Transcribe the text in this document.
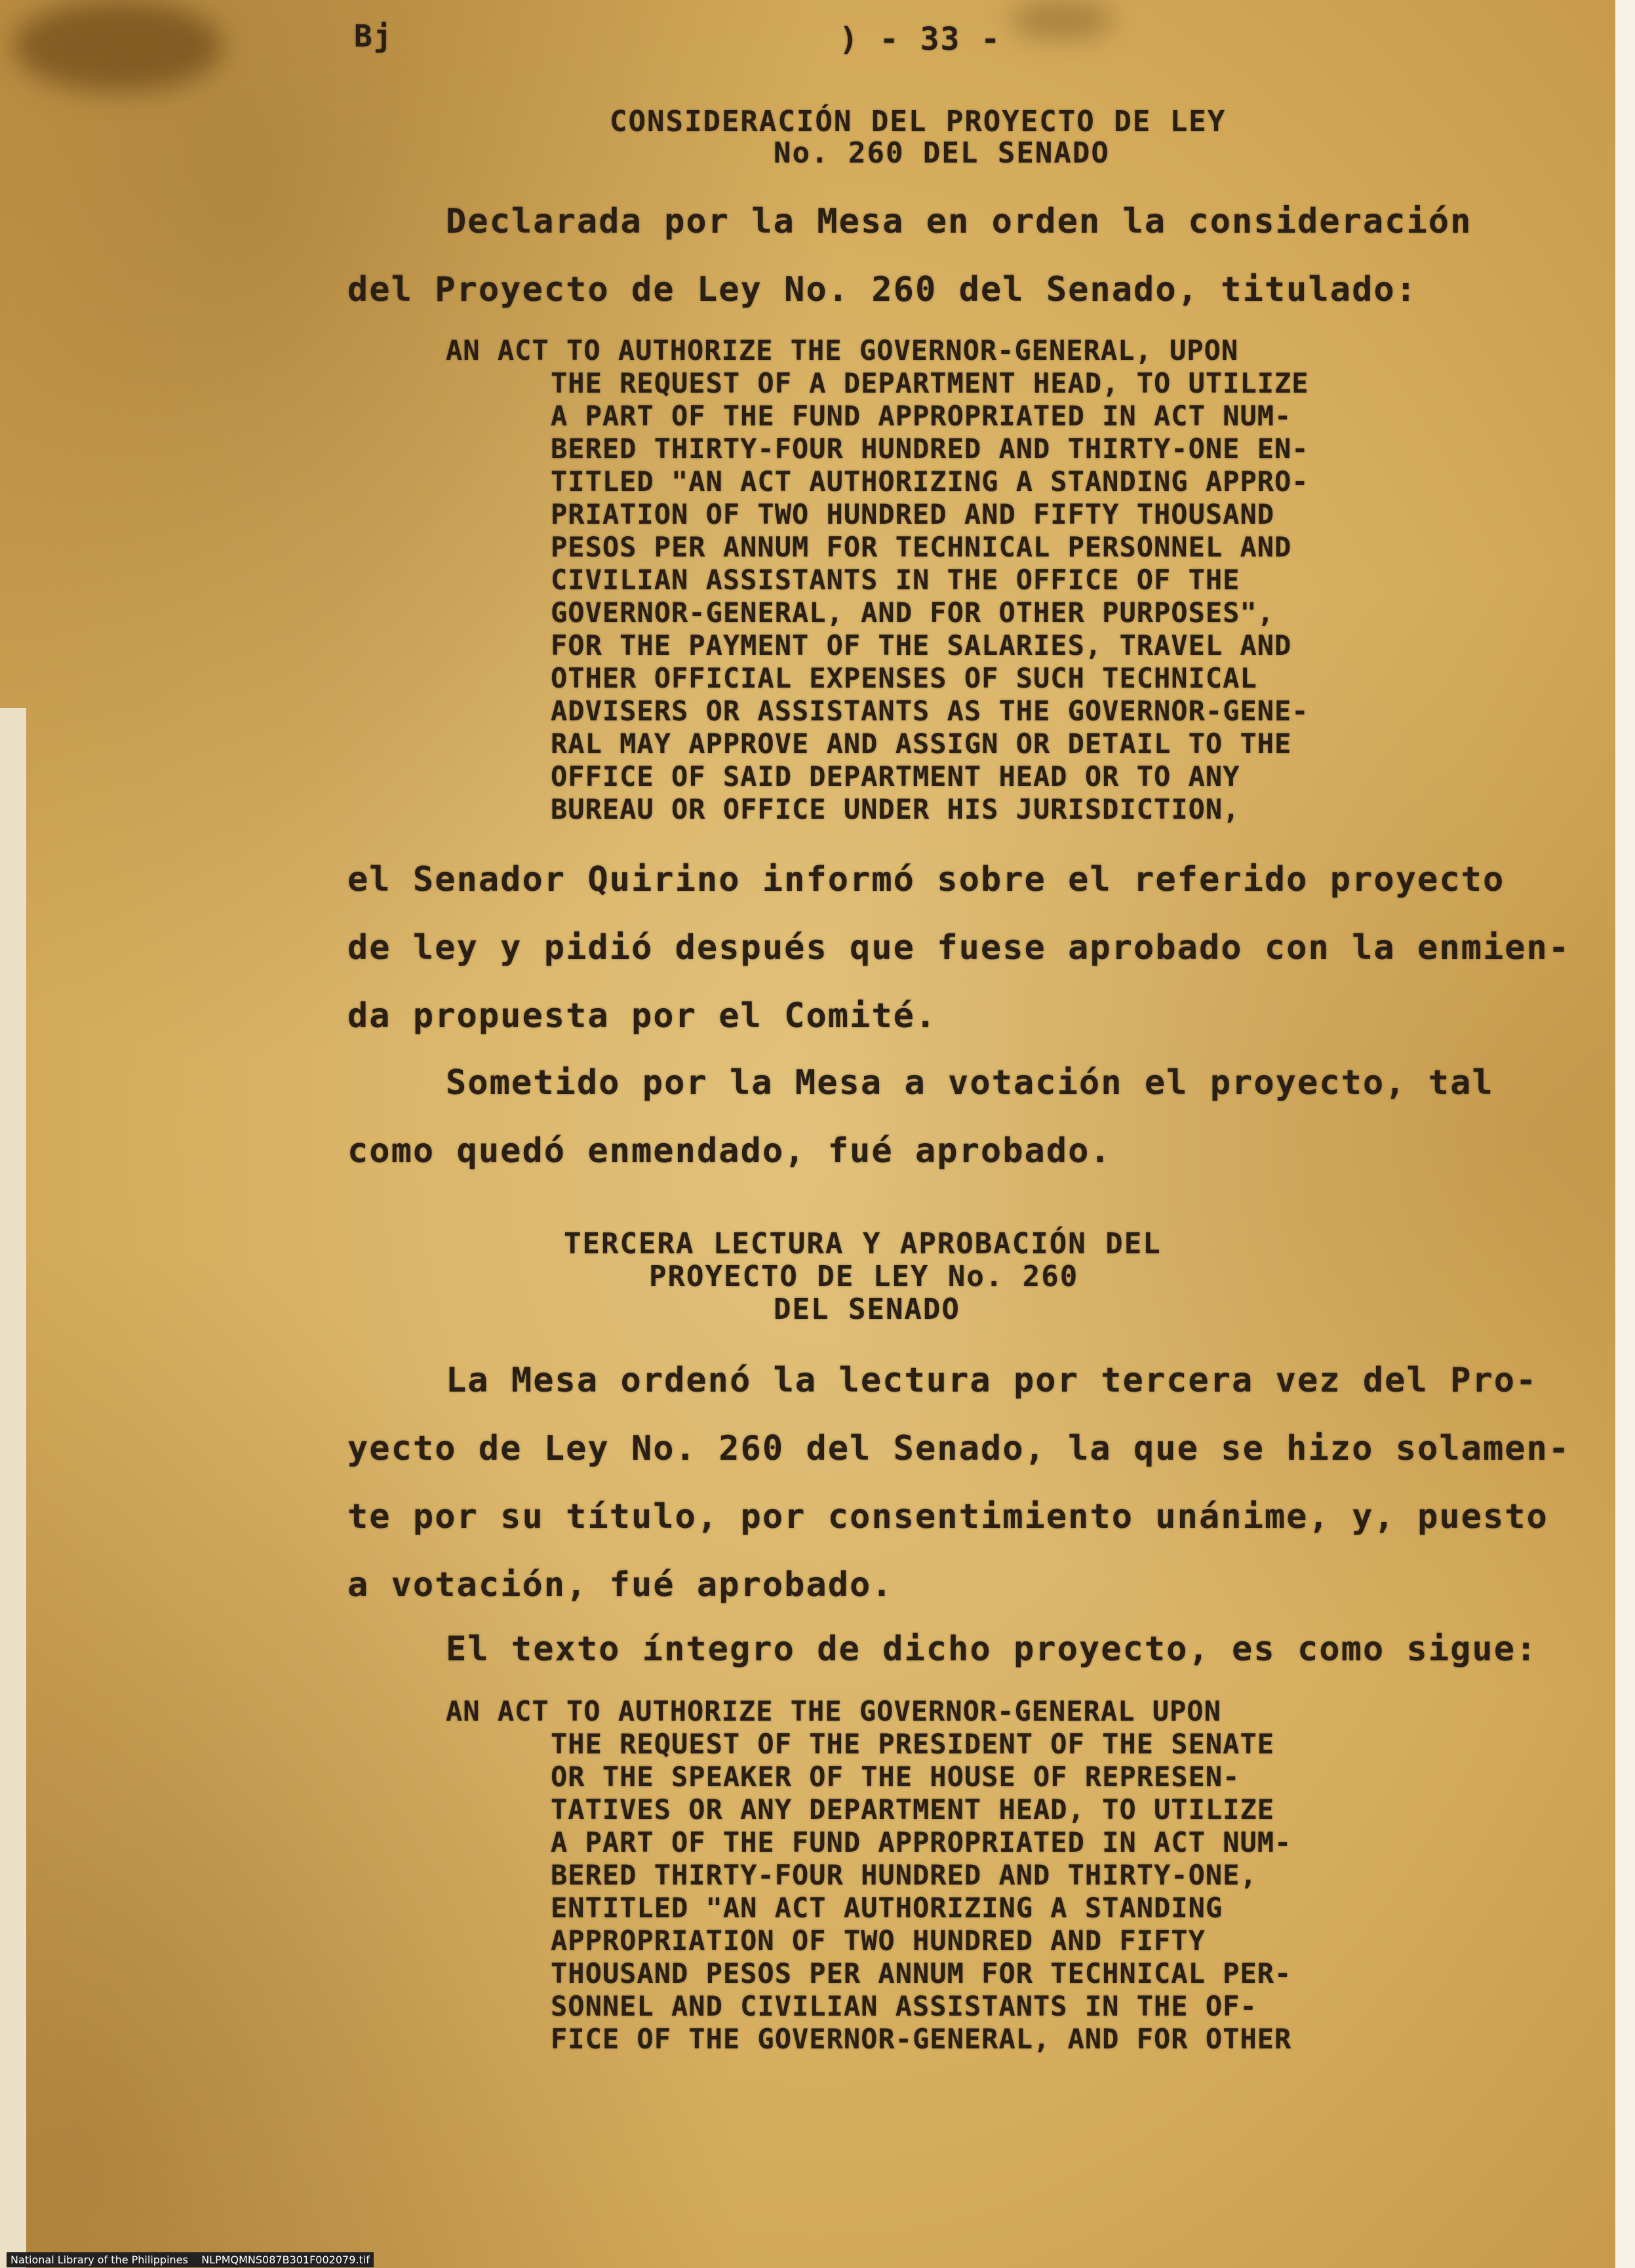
Bj	) - 33 -
CONSIDERACIÓN DEL PROYECTO DE LEY
No. 260 DEL SENADO
Declarada por la Mesa en orden la consideración
del Proyecto de Ley No. 260 del Senado, titulado:
AN ACT TO AUTHORIZE THE GOVERNOR-GENERAL, UPON
THE REQUEST OF A DEPARTMENT HEAD, TO UTILIZE
A PART OF THE FUND APPROPRIATED IN ACT NUM-
BERED THIRTY-FOUR HUNDRED AND THIRTY-ONE EN-
TITLED "AN ACT AUTHORIZING A STANDING APPRO-
PRIATION OF TWO HUNDRED AND FIFTY THOUSAND
PESOS PER ANNUM FOR TECHNICAL PERSONNEL AND
CIVILIAN ASSISTANTS IN THE OFFICE OF THE
GOVERNOR-GENERAL, AND FOR OTHER PURPOSES",
FOR THE PAYMENT OF THE SALARIES, TRAVEL AND
OTHER OFFICIAL EXPENSES OF SUCH TECHNICAL
ADVISERS OR ASSISTANTS AS THE GOVERNOR-GENE-
RAL MAY APPROVE AND ASSIGN OR DETAIL TO THE
OFFICE OF SAID DEPARTMENT HEAD OR TO ANY
BUREAU OR OFFICE UNDER HIS JURISDICTION,
el Senador Quirino informó sobre el referido proyecto
de ley y pidió después que fuese aprobado con la enmien-
da propuesta por el Comité.
Sometido por la Mesa a votación el proyecto, tal
como quedó enmendado, fué aprobado.
TERCERA LECTURA Y APROBACIÓN DEL
PROYECTO DE LEY No. 260
DEL SENADO
La Mesa ordenó la lectura por tercera vez del Pro-
yecto de Ley No. 260 del Senado, la que se hizo solamen-
te por su título, por consentimiento unánime, y, puesto
a votación, fué aprobado.
El texto íntegro de dicho proyecto, es como sigue:
AN ACT TO AUTHORIZE THE GOVERNOR-GENERAL UPON
THE REQUEST OF THE PRESIDENT OF THE SENATE
OR THE SPEAKER OF THE HOUSE OF REPRESEN-
TATIVES OR ANY DEPARTMENT HEAD, TO UTILIZE
A PART OF THE FUND APPROPRIATED IN ACT NUM-
BERED THIRTY-FOUR HUNDRED AND THIRTY-ONE,
ENTITLED "AN ACT AUTHORIZING A STANDING
APPROPRIATION OF TWO HUNDRED AND FIFTY
THOUSAND PESOS PER ANNUM FOR TECHNICAL PER-
SONNEL AND CIVILIAN ASSISTANTS IN THE OF-
FICE OF THE GOVERNOR-GENERAL, AND FOR OTHER
National Library of the Philippines    NLPMQMNS087B301F002079.tif
